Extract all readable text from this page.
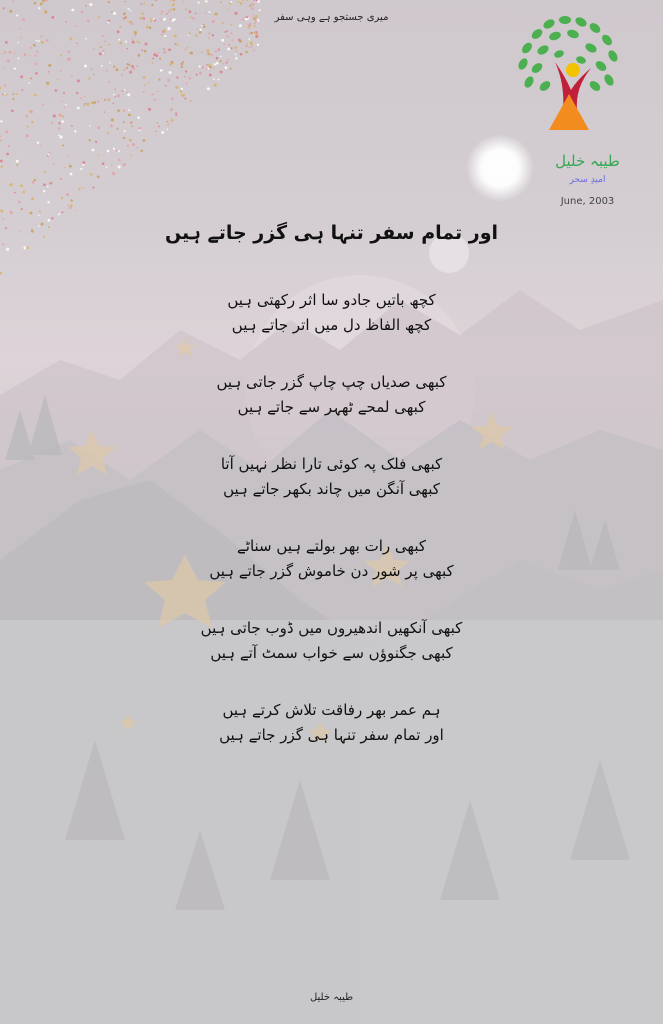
میری جستجو ہے وہی سفر
طیبہ خلیل
امیدِ سحر
June, 2003
اور تمام سفر تنہا ہی گزر جاتے ہیں
کچھ باتیں جادو سا اثر رکھتی ہیں
کچھ الفاظ دل میں اتر جاتے ہیں
کبھی صدیاں چپ چاپ گزر جاتی ہیں
کبھی لمحے ٹھہر سے جاتے ہیں
کبھی فلک پہ کوئی تارا نظر نہیں آتا
کبھی آنگن میں چاند بکھر جاتے ہیں
کبھی رات بھر بولتے ہیں سناٹے
کبھی پر شور دن خاموش گزر جاتے ہیں
کبھی آنکھیں اندھیروں میں ڈوب جاتی ہیں
کبھی جگنوؤں سے خواب سمٹ آتے ہیں
ہم عمر بھر رفاقت تلاش کرتے ہیں
اور تمام سفر تنہا ہی گزر جاتے ہیں
طیبہ خلیل
